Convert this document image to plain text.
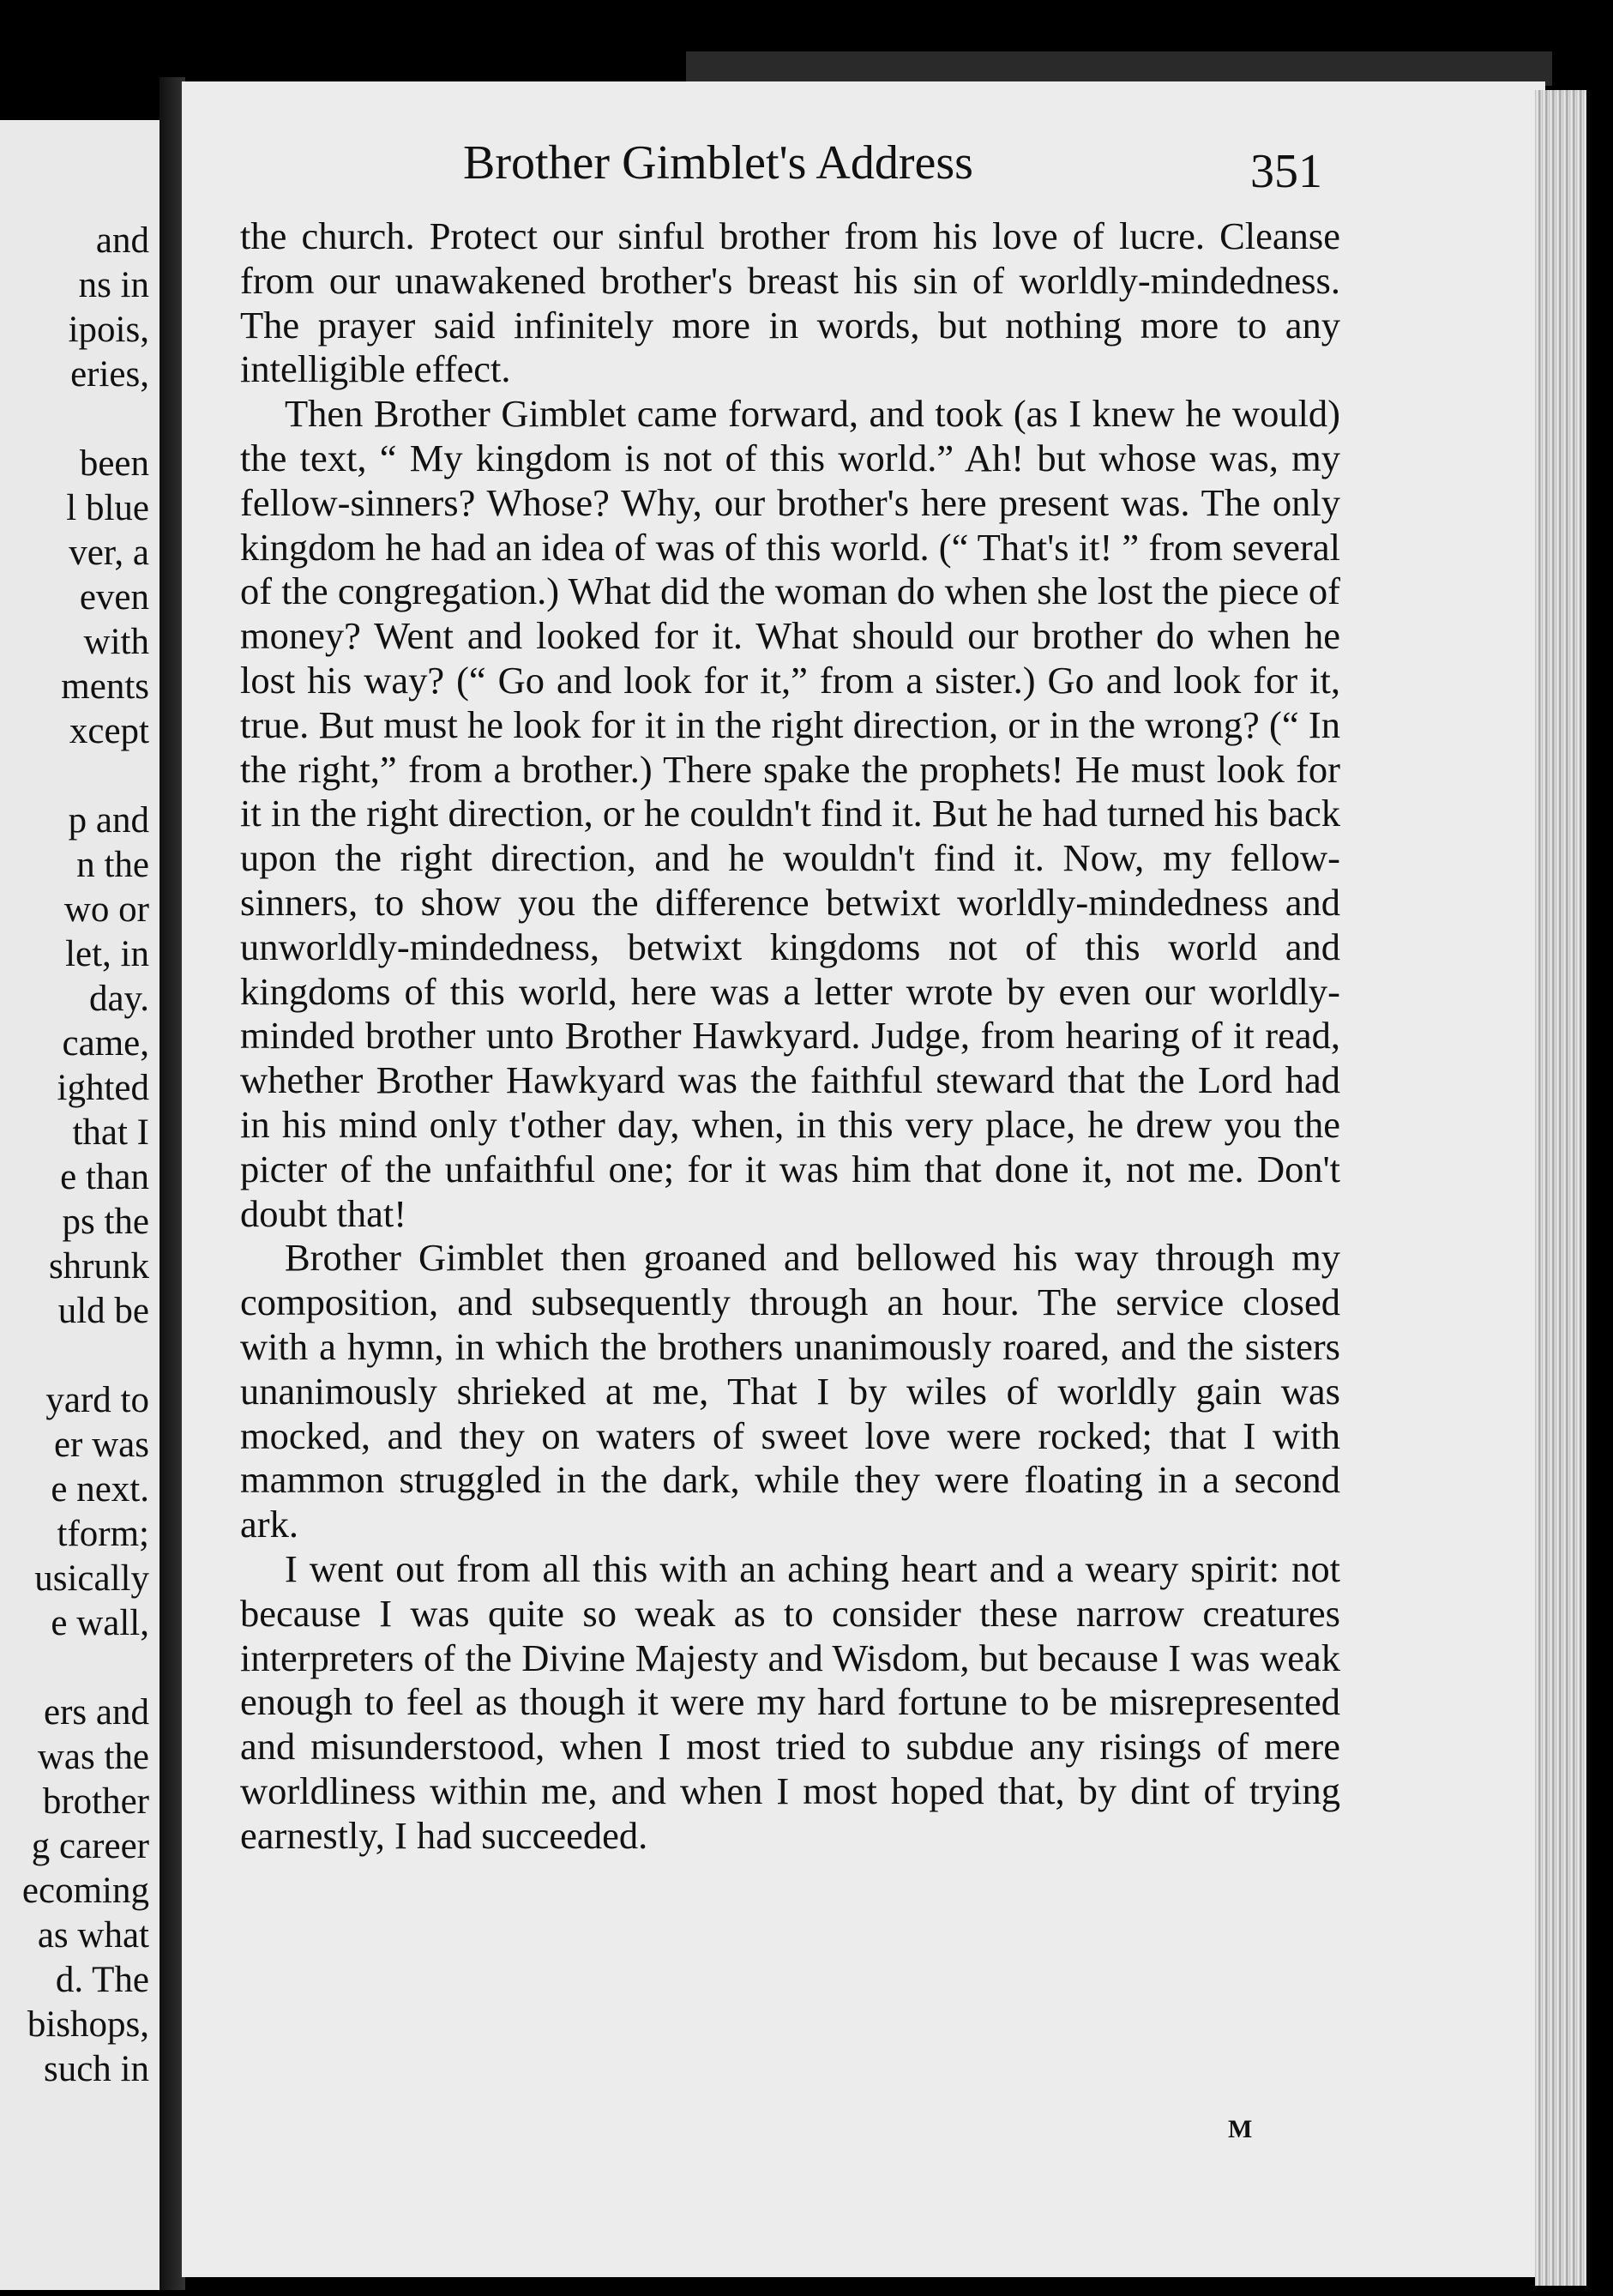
and
ns in
ipois,
eries,

been
l blue
ver, a
even
with
ments
xcept

p and
n the
wo or
let, in
day.
came,
ighted
that I
e than
ps the
shrunk
uld be

yard to
er was
e next.
tform;
usically
e wall,

ers and
was the
brother
g career
ecoming
as what
d. The
bishops,
such in
Brother Gimblet's Address	351

the church. Protect our sinful brother from his love of lucre. Cleanse from our unawakened brother's breast his sin of worldly-mindedness. The prayer said infinitely more in words, but nothing more to any intelligible effect.

Then Brother Gimblet came forward, and took (as I knew he would) the text, “ My kingdom is not of this world.” Ah! but whose was, my fellow-sinners? Whose? Why, our brother's here present was. The only kingdom he had an idea of was of this world. (“ That's it! ” from several of the congregation.) What did the woman do when she lost the piece of money? Went and looked for it. What should our brother do when he lost his way? (“ Go and look for it,” from a sister.) Go and look for it, true. But must he look for it in the right direction, or in the wrong? (“ In the right,” from a brother.) There spake the prophets! He must look for it in the right direction, or he couldn't find it. But he had turned his back upon the right direction, and he wouldn't find it. Now, my fellow-sinners, to show you the difference betwixt worldly-mindedness and unworldly-mindedness, betwixt kingdoms not of this world and kingdoms of this world, here was a letter wrote by even our worldly-minded brother unto Brother Hawkyard. Judge, from hearing of it read, whether Brother Hawkyard was the faithful steward that the Lord had in his mind only t'other day, when, in this very place, he drew you the picter of the unfaithful one; for it was him that done it, not me. Don't doubt that!

Brother Gimblet then groaned and bellowed his way through my composition, and subsequently through an hour. The service closed with a hymn, in which the brothers unanimously roared, and the sisters unanimously shrieked at me, That I by wiles of worldly gain was mocked, and they on waters of sweet love were rocked; that I with mammon struggled in the dark, while they were floating in a second ark.

I went out from all this with an aching heart and a weary spirit: not because I was quite so weak as to consider these narrow creatures interpreters of the Divine Majesty and Wisdom, but because I was weak enough to feel as though it were my hard fortune to be misrepresented and misunderstood, when I most tried to subdue any risings of mere worldliness within me, and when I most hoped that, by dint of trying earnestly, I had succeeded.

M
